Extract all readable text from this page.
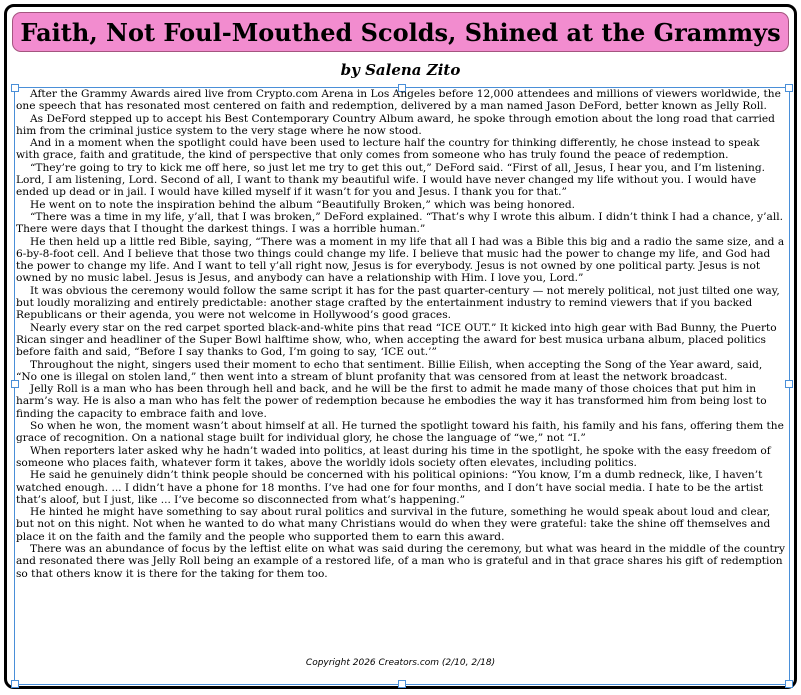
Faith, Not Foul-Mouthed Scolds, Shined at the Grammys
by Salena Zito

After the Grammy Awards aired live from Crypto.com Arena in Los Angeles before 12,000 attendees and millions of viewers worldwide, the one speech that has resonated most centered on faith and redemption, delivered by a man named Jason DeFord, better known as Jelly Roll.

As DeFord stepped up to accept his Best Contemporary Country Album award, he spoke through emotion about the long road that carried him from the criminal justice system to the very stage where he now stood.

And in a moment when the spotlight could have been used to lecture half the country for thinking differently, he chose instead to speak with grace, faith and gratitude, the kind of perspective that only comes from someone who has truly found the peace of redemption.

“They’re going to try to kick me off here, so just let me try to get this out,” DeFord said. “First of all, Jesus, I hear you, and I’m listening. Lord, I am listening, Lord. Second of all, I want to thank my beautiful wife. I would have never changed my life without you. I would have ended up dead or in jail. I would have killed myself if it wasn’t for you and Jesus. I thank you for that.”

He went on to note the inspiration behind the album “Beautifully Broken,” which was being honored.

“There was a time in my life, y’all, that I was broken,” DeFord explained. “That’s why I wrote this album. I didn’t think I had a chance, y’all. There were days that I thought the darkest things. I was a horrible human.”

He then held up a little red Bible, saying, “There was a moment in my life that all I had was a Bible this big and a radio the same size, and a 6-by-8-foot cell. And I believe that those two things could change my life. I believe that music had the power to change my life, and God had the power to change my life. And I want to tell y’all right now, Jesus is for everybody. Jesus is not owned by one political party. Jesus is not owned by no music label. Jesus is Jesus, and anybody can have a relationship with Him. I love you, Lord.”

It was obvious the ceremony would follow the same script it has for the past quarter-century — not merely political, not just tilted one way, but loudly moralizing and entirely predictable: another stage crafted by the entertainment industry to remind viewers that if you backed Republicans or their agenda, you were not welcome in Hollywood’s good graces.

Nearly every star on the red carpet sported black-and-white pins that read “ICE OUT.” It kicked into high gear with Bad Bunny, the Puerto Rican singer and headliner of the Super Bowl halftime show, who, when accepting the award for best musica urbana album, placed politics before faith and said, “Before I say thanks to God, I’m going to say, ‘ICE out.’”

Throughout the night, singers used their moment to echo that sentiment. Billie Eilish, when accepting the Song of the Year award, said, “No one is illegal on stolen land,” then went into a stream of blunt profanity that was censored from at least the network broadcast.

Jelly Roll is a man who has been through hell and back, and he will be the first to admit he made many of those choices that put him in harm’s way. He is also a man who has felt the power of redemption because he embodies the way it has transformed him from being lost to finding the capacity to embrace faith and love.

So when he won, the moment wasn’t about himself at all. He turned the spotlight toward his faith, his family and his fans, offering them the grace of recognition. On a national stage built for individual glory, he chose the language of “we,” not “I.”

When reporters later asked why he hadn’t waded into politics, at least during his time in the spotlight, he spoke with the easy freedom of someone who places faith, whatever form it takes, above the worldly idols society often elevates, including politics.

He said he genuinely didn’t think people should be concerned with his political opinions: “You know, I’m a dumb redneck, like, I haven’t watched enough. ... I didn’t have a phone for 18 months. I’ve had one for four months, and I don’t have social media. I hate to be the artist that’s aloof, but I just, like ... I’ve become so disconnected from what’s happening.”

He hinted he might have something to say about rural politics and survival in the future, something he would speak about loud and clear, but not on this night. Not when he wanted to do what many Christians would do when they were grateful: take the shine off themselves and place it on the faith and the family and the people who supported them to earn this award.

There was an abundance of focus by the leftist elite on what was said during the ceremony, but what was heard in the middle of the country and resonated there was Jelly Roll being an example of a restored life, of a man who is grateful and in that grace shares his gift of redemption so that others know it is there for the taking for them too.

Copyright 2026 Creators.com (2/10, 2/18)
